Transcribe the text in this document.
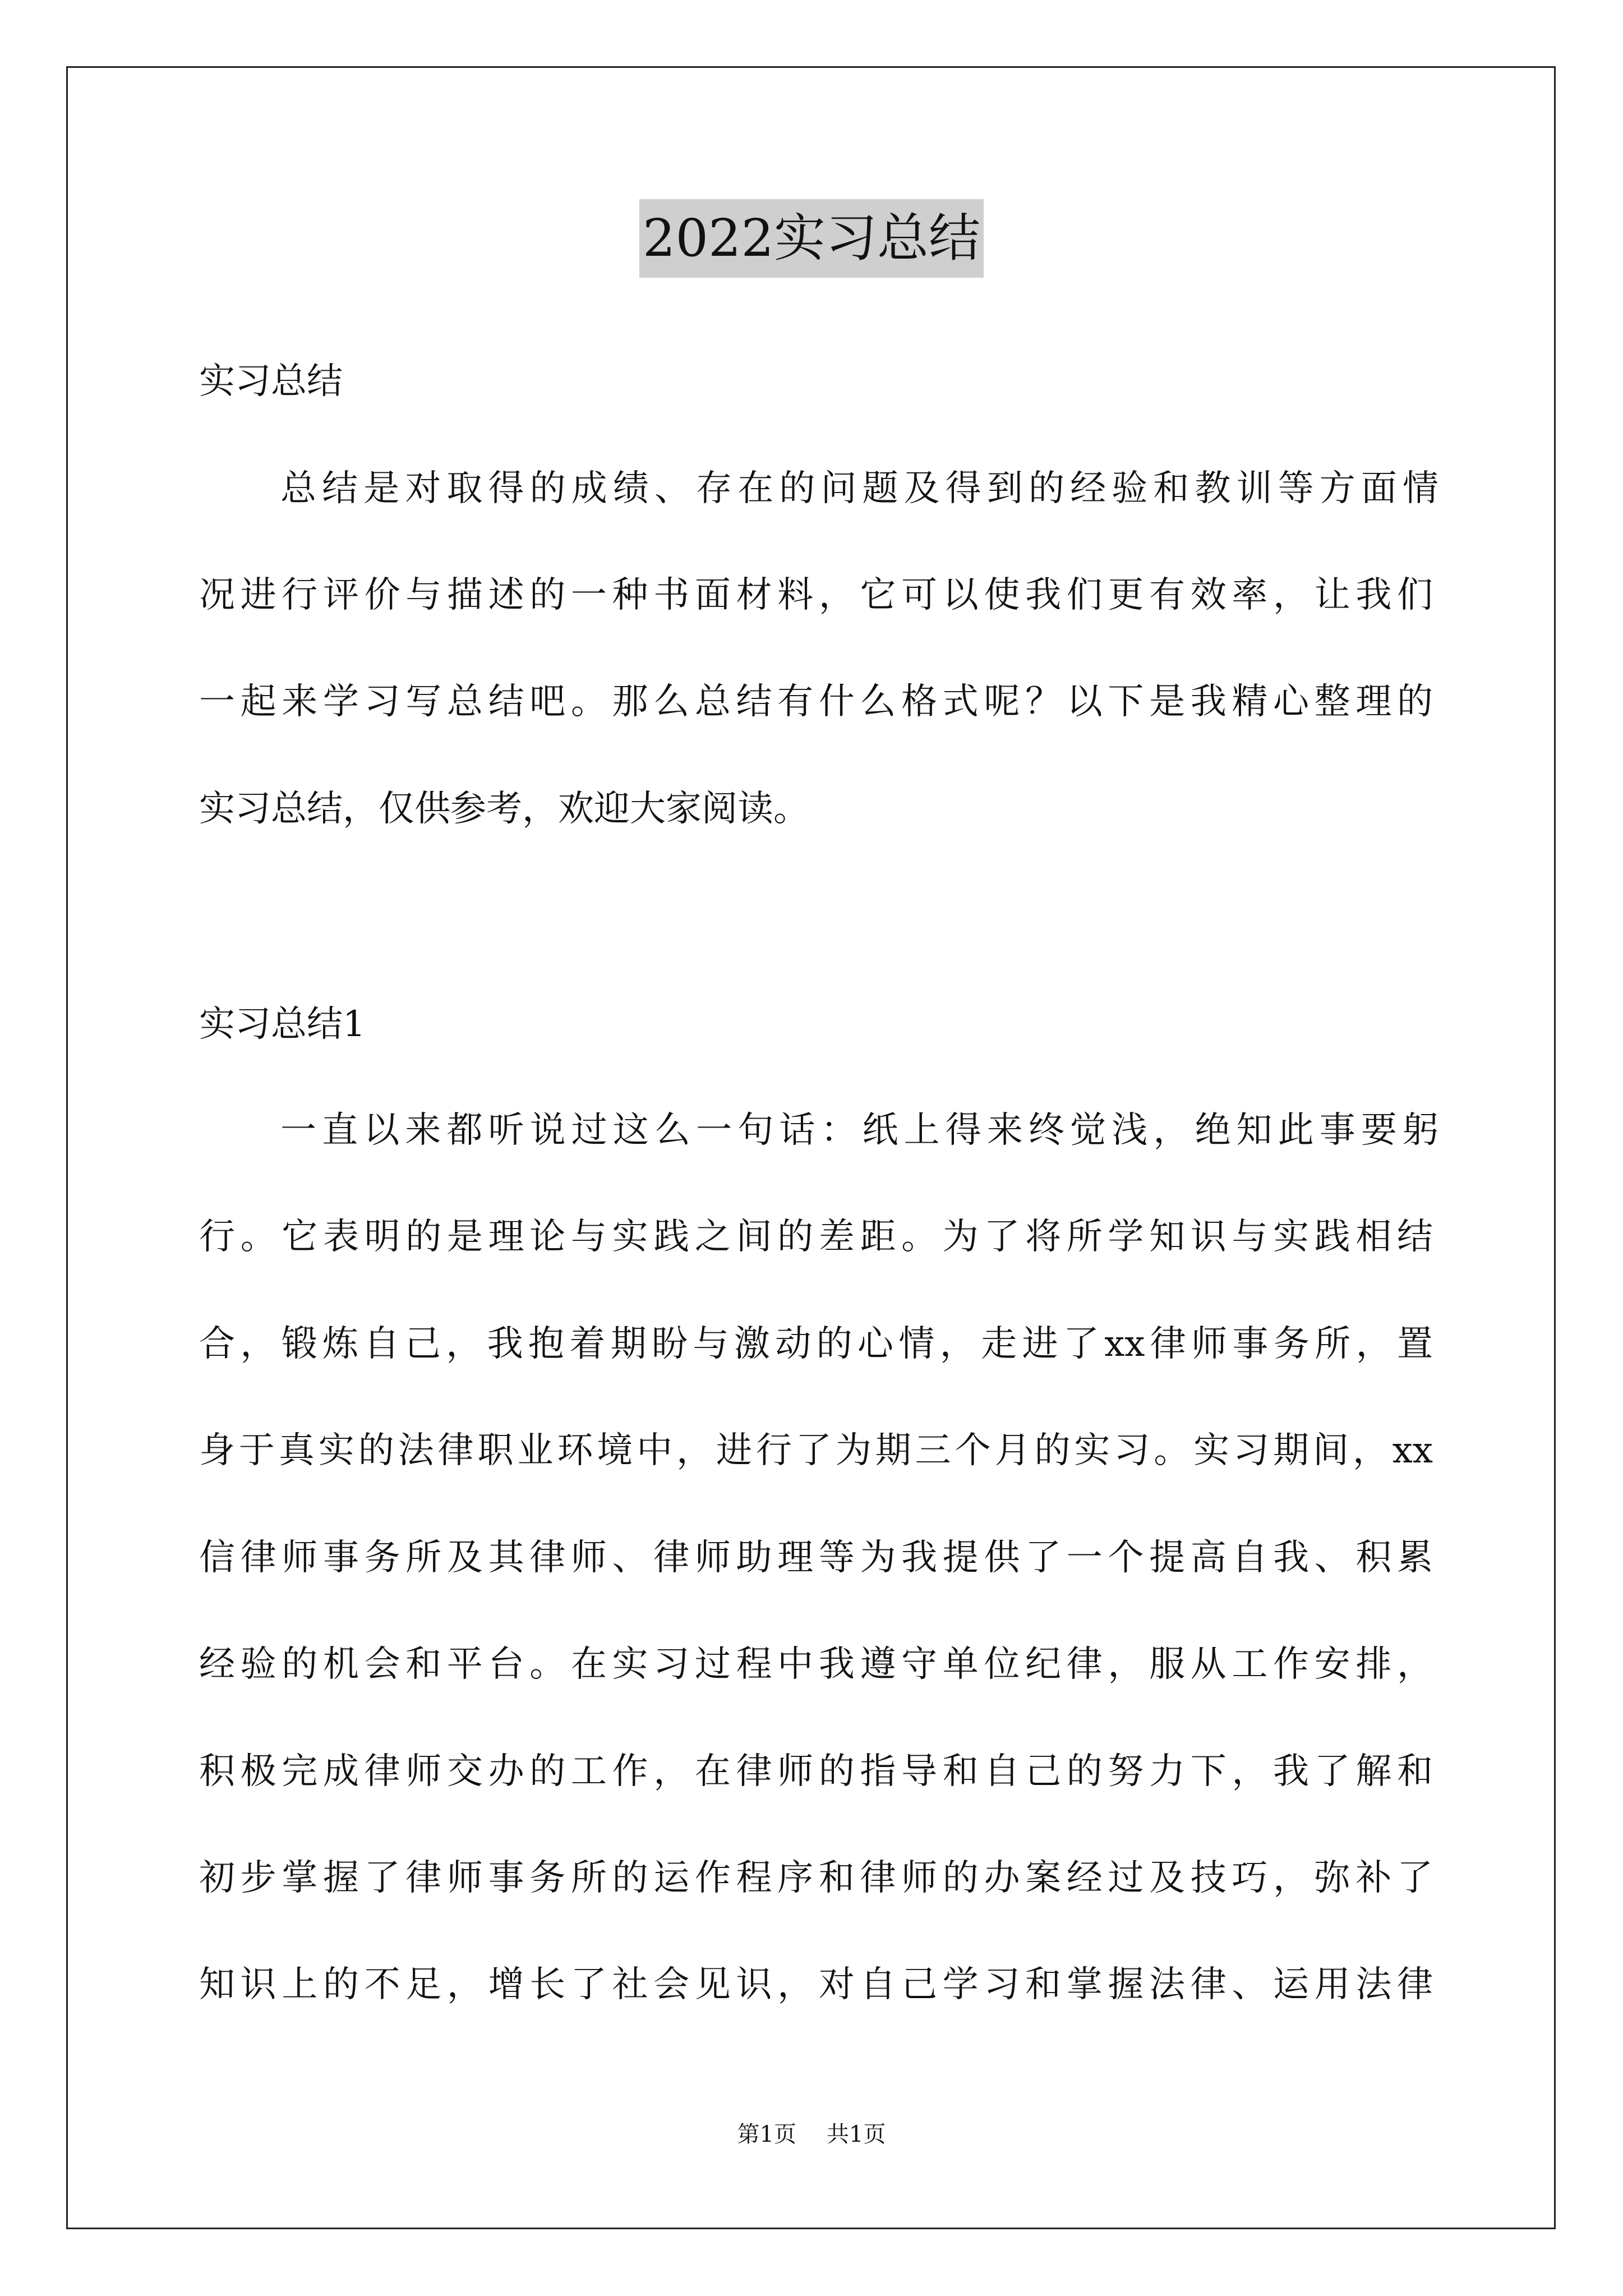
2022实习总结
实习总结
总结是对取得的成绩、存在的问题及得到的经验和教训等方面情
况进行评价与描述的一种书面材料，它可以使我们更有效率，让我们
一起来学习写总结吧。那么总结有什么格式呢？以下是我精心整理的
实习总结，仅供参考，欢迎大家阅读。
实习总结1
一直以来都听说过这么一句话：纸上得来终觉浅，绝知此事要躬
行。它表明的是理论与实践之间的差距。为了将所学知识与实践相结
合，锻炼自己，我抱着期盼与激动的心情，走进了xx律师事务所，置
身于真实的法律职业环境中，进行了为期三个月的实习。实习期间，xx
信律师事务所及其律师、律师助理等为我提供了一个提高自我、积累
经验的机会和平台。在实习过程中我遵守单位纪律，服从工作安排，
积极完成律师交办的工作，在律师的指导和自己的努力下，我了解和
初步掌握了律师事务所的运作程序和律师的办案经过及技巧，弥补了
知识上的不足，增长了社会见识，对自己学习和掌握法律、运用法律
第1页 共1页
